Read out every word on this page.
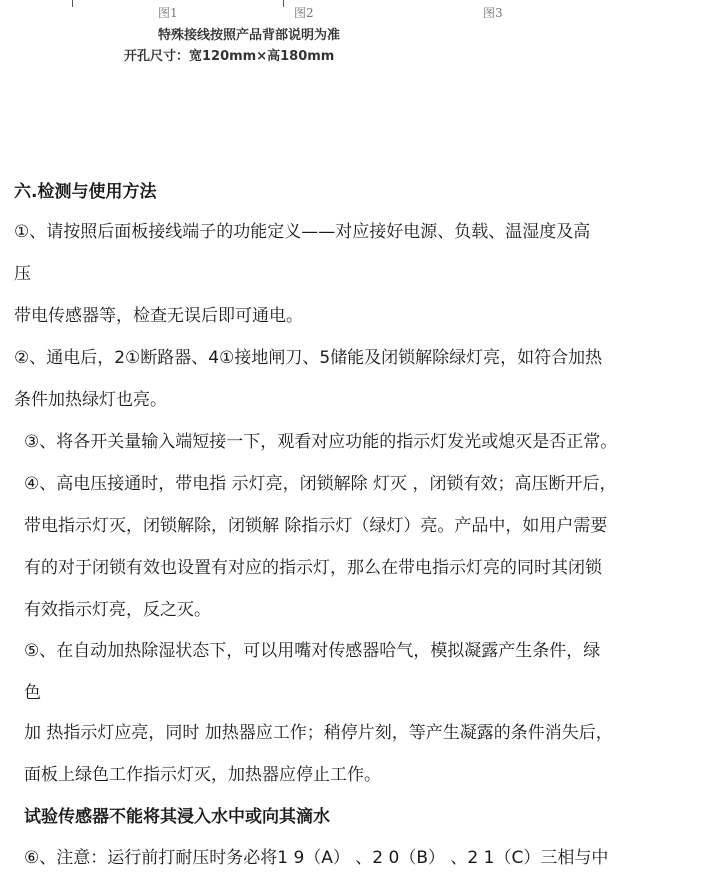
图1	图2	图3
特殊接线按照产品背部说明为准
开孔尺寸：宽120mm×高180mm
六.检测与使用方法
①、请按照后面板接线端子的功能定义——对应接好电源、负载、温湿度及高
压
带电传感器等，检查无误后即可通电。
②、通电后，2①断路器、4①接地闸刀、5储能及闭锁解除绿灯亮，如符合加热
条件加热绿灯也亮。
③、将各开关量输入端短接一下，观看对应功能的指示灯发光或熄灭是否正常。
④、高电压接通时，带电指 示灯亮，闭锁解除 灯灭 ，闭锁有效；高压断开后，
带电指示灯灭，闭锁解除，闭锁解 除指示灯（绿灯）亮。产品中，如用户需要
有的对于闭锁有效也设置有对应的指示灯，那么在带电指示灯亮的同时其闭锁
有效指示灯亮，反之灭。
⑤、在自动加热除湿状态下，可以用嘴对传感器哈气，模拟凝露产生条件，绿
色
加 热指示灯应亮，同时 加热器应工作；稍停片刻，等产生凝露的条件消失后，
面板上绿色工作指示灯灭，加热器应停止工作。
试验传感器不能将其浸入水中或向其滴水
⑥、注意：运行前打耐压时务必将1 9（A） 、2 0（B） 、2 1（C）三相与中
